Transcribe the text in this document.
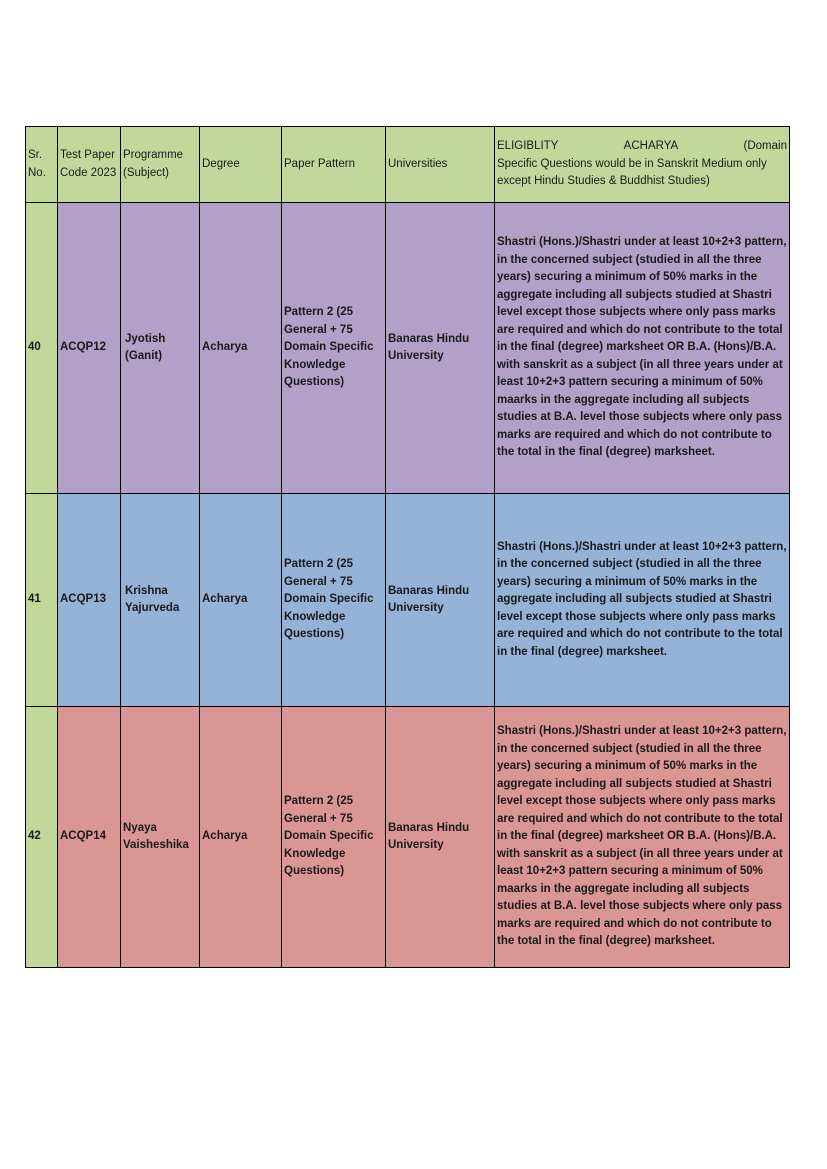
Sr. No.	Test Paper Code 2023	Programme (Subject)	Degree	Paper Pattern	Universities	ELIGIBLITY ACHARYA (Domain
Specific Questions would be in Sanskrit Medium only except Hindu Studies & Buddhist Studies)

40	ACQP12	Jyotish (Ganit)	Acharya	Pattern 2 (25 General + 75 Domain Specific Knowledge Questions)	Banaras Hindu University	Shastri (Hons.)/Shastri under at least 10+2+3 pattern, in the concerned subject (studied in all the three years) securing a minimum of 50% marks in the aggregate including all subjects studied at Shastri level except those subjects where only pass marks are required and which do not contribute to the total in the final (degree) marksheet OR B.A. (Hons)/B.A. with sanskrit as a subject (in all three years under at least 10+2+3 pattern securing a minimum of 50% maarks in the aggregate including all subjects studies at B.A. level those subjects where only pass marks are required and which do not contribute to the total in the final (degree) marksheet.
41	ACQP13	Krishna Yajurveda	Acharya	Pattern 2 (25 General + 75 Domain Specific Knowledge Questions)	Banaras Hindu University	Shastri (Hons.)/Shastri under at least 10+2+3 pattern, in the concerned subject (studied in all the three years) securing a minimum of 50% marks in the aggregate including all subjects studied at Shastri level except those subjects where only pass marks are required and which do not contribute to the total in the final (degree) marksheet.
42	ACQP14	Nyaya Vaisheshika	Acharya	Pattern 2 (25 General + 75 Domain Specific Knowledge Questions)	Banaras Hindu University	Shastri (Hons.)/Shastri under at least 10+2+3 pattern, in the concerned subject (studied in all the three years) securing a minimum of 50% marks in the aggregate including all subjects studied at Shastri level except those subjects where only pass marks are required and which do not contribute to the total in the final (degree) marksheet OR B.A. (Hons)/B.A. with sanskrit as a subject (in all three years under at least 10+2+3 pattern securing a minimum of 50% maarks in the aggregate including all subjects studies at B.A. level those subjects where only pass marks are required and which do not contribute to the total in the final (degree) marksheet.
